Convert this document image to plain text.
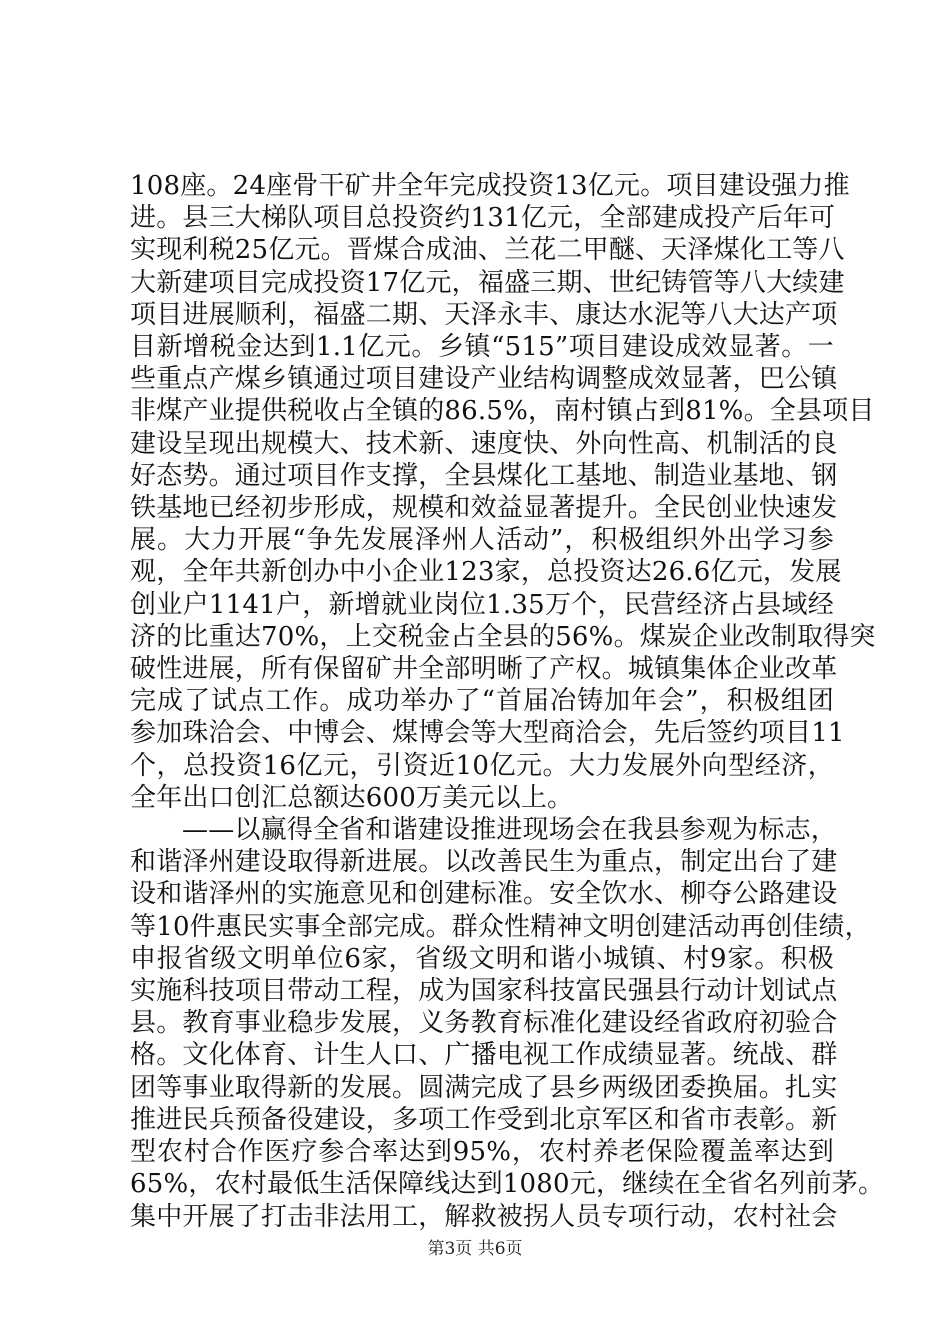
108座。24座骨干矿井全年完成投资13亿元。项目建设强力推
进。县三大梯队项目总投资约131亿元，全部建成投产后年可
实现利税25亿元。晋煤合成油、兰花二甲醚、天泽煤化工等八
大新建项目完成投资17亿元，福盛三期、世纪铸管等八大续建
项目进展顺利，福盛二期、天泽永丰、康达水泥等八大达产项
目新增税金达到1.1亿元。乡镇“515”项目建设成效显著。一
些重点产煤乡镇通过项目建设产业结构调整成效显著，巴公镇
非煤产业提供税收占全镇的86.5%，南村镇占到81%。全县项目
建设呈现出规模大、技术新、速度快、外向性高、机制活的良
好态势。通过项目作支撑，全县煤化工基地、制造业基地、钢
铁基地已经初步形成，规模和效益显著提升。全民创业快速发
展。大力开展“争先发展泽州人活动”，积极组织外出学习参
观，全年共新创办中小企业123家，总投资达26.6亿元，发展
创业户1141户，新增就业岗位1.35万个，民营经济占县域经
济的比重达70%，上交税金占全县的56%。煤炭企业改制取得突
破性进展，所有保留矿井全部明晰了产权。城镇集体企业改革
完成了试点工作。成功举办了“首届冶铸加年会”，积极组团
参加珠洽会、中博会、煤博会等大型商洽会，先后签约项目11
个，总投资16亿元，引资近10亿元。大力发展外向型经济，
全年出口创汇总额达600万美元以上。
——以赢得全省和谐建设推进现场会在我县参观为标志，
和谐泽州建设取得新进展。以改善民生为重点，制定出台了建
设和谐泽州的实施意见和创建标准。安全饮水、柳夺公路建设
等10件惠民实事全部完成。群众性精神文明创建活动再创佳绩，
申报省级文明单位6家，省级文明和谐小城镇、村9家。积极
实施科技项目带动工程，成为国家科技富民强县行动计划试点
县。教育事业稳步发展，义务教育标准化建设经省政府初验合
格。文化体育、计生人口、广播电视工作成绩显著。统战、群
团等事业取得新的发展。圆满完成了县乡两级团委换届。扎实
推进民兵预备役建设，多项工作受到北京军区和省市表彰。新
型农村合作医疗参合率达到95%，农村养老保险覆盖率达到
65%，农村最低生活保障线达到1080元，继续在全省名列前茅。
集中开展了打击非法用工，解救被拐人员专项行动，农村社会
第3页 共6页
